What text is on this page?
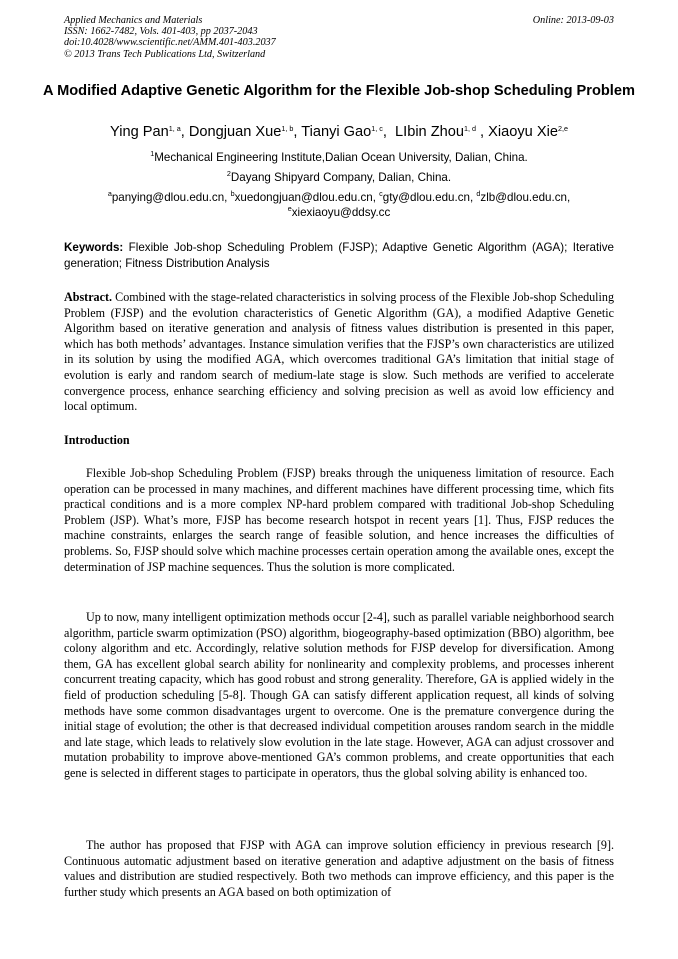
Applied Mechanics and Materials
ISSN: 1662-7482, Vols. 401-403, pp 2037-2043
doi:10.4028/www.scientific.net/AMM.401-403.2037
© 2013 Trans Tech Publications Ltd, Switzerland
Online: 2013-09-03
A Modified Adaptive Genetic Algorithm for the Flexible Job-shop Scheduling Problem
Ying Pan$^{1, a}$, Dongjuan Xue$^{1, b}$, Tianyi Gao$^{1, c}$,  LIbin Zhou$^{1, d}$ , Xiaoyu Xie$^{2,e}$
$^1$Mechanical Engineering Institute,Dalian Ocean University, Dalian, China.
$^2$Dayang Shipyard Company, Dalian, China.
$^a$panying@dlou.edu.cn, $^b$xuedongjuan@dlou.edu.cn, $^c$gty@dlou.edu.cn, $^d$zlb@dlou.edu.cn,
$^e$xiexiaoyu@ddsy.cc
Keywords: Flexible Job-shop Scheduling Problem (FJSP); Adaptive Genetic Algorithm (AGA); Iterative generation; Fitness Distribution Analysis
Abstract. Combined with the stage-related characteristics in solving process of the Flexible Job-shop Scheduling Problem (FJSP) and the evolution characteristics of Genetic Algorithm (GA), a modified Adaptive Genetic Algorithm based on iterative generation and analysis of fitness values distribution is presented in this paper, which has both methods’ advantages. Instance simulation verifies that the FJSP’s own characteristics are utilized in its solution by using the modified AGA, which overcomes traditional GA’s limitation that initial stage of evolution is early and random search of medium-late stage is slow. Such methods are verified to accelerate convergence process, enhance searching efficiency and solving precision as well as avoid low efficiency and local optimum.
Introduction
Flexible Job-shop Scheduling Problem (FJSP) breaks through the uniqueness limitation of resource. Each operation can be processed in many machines, and different machines have different processing time, which fits practical conditions and is a more complex NP-hard problem compared with traditional Job-shop Scheduling Problem (JSP). What’s more, FJSP has become research hotspot in recent years [1]. Thus, FJSP reduces the machine constraints, enlarges the search range of feasible solution, and hence increases the difficulties of problems. So, FJSP should solve which machine processes certain operation among the available ones, except the determination of JSP machine sequences. Thus the solution is more complicated.
Up to now, many intelligent optimization methods occur [2-4], such as parallel variable neighborhood search algorithm, particle swarm optimization (PSO) algorithm, biogeography-based optimization (BBO) algorithm, bee colony algorithm and etc. Accordingly, relative solution methods for FJSP develop for diversification. Among them, GA has excellent global search ability for nonlinearity and complexity problems, and processes inherent concurrent treating capacity, which has good robust and strong generality. Therefore, GA is applied widely in the field of production scheduling [5-8]. Though GA can satisfy different application request, all kinds of solving methods have some common disadvantages urgent to overcome. One is the premature convergence during the initial stage of evolution; the other is that decreased individual competition arouses random search in the middle and late stage, which leads to relatively slow evolution in the late stage. However, AGA can adjust crossover and mutation probability to improve above-mentioned GA’s common problems, and create opportunities that each gene is selected in different stages to participate in operators, thus the global solving ability is enhanced too.
The author has proposed that FJSP with AGA can improve solution efficiency in previous research [9]. Continuous automatic adjustment based on iterative generation and adaptive adjustment on the basis of fitness values and distribution are studied respectively. Both two methods can improve efficiency, and this paper is the further study which presents an AGA based on both optimization of
